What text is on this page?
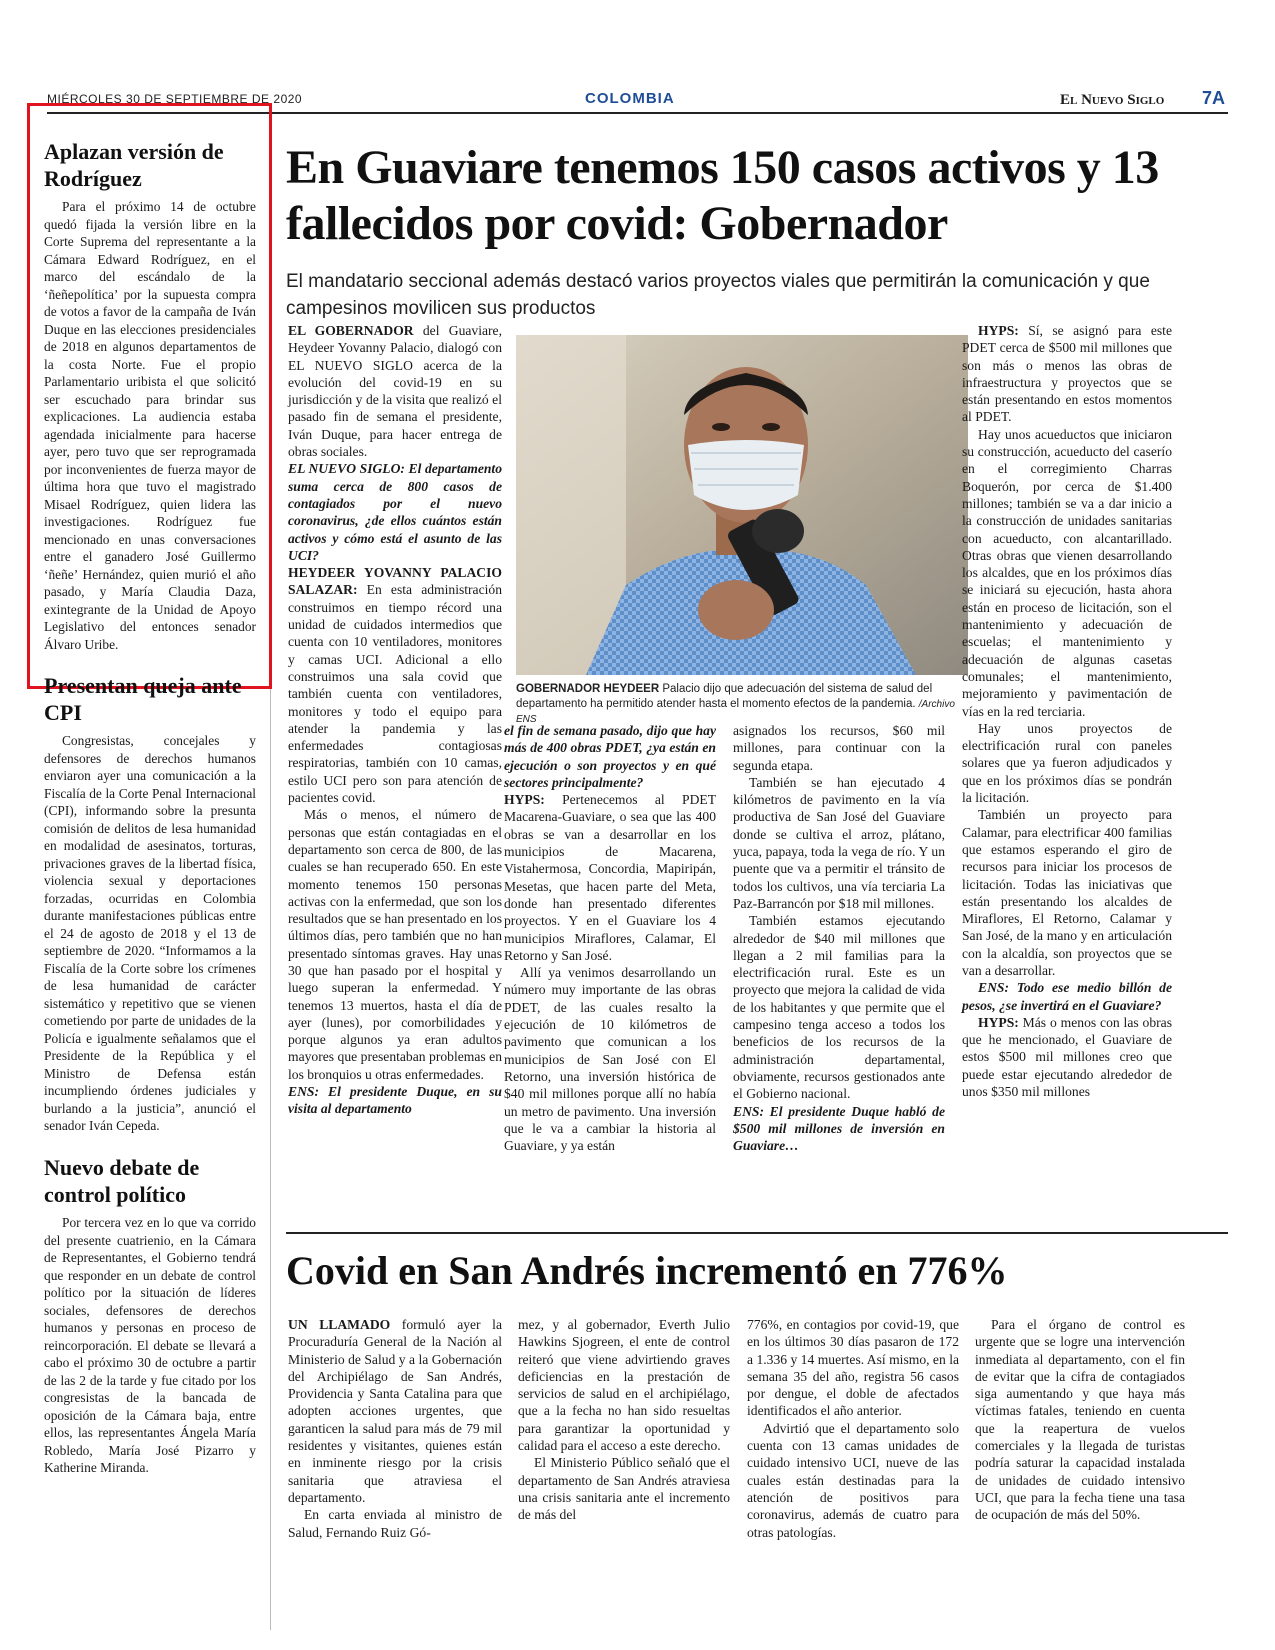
MIÉRCOLES 30 DE SEPTIEMBRE DE 2020	COLOMBIA	El Nuevo Siglo 7A
Aplazan versión de Rodríguez

Para el próximo 14 de octubre quedó fijada la versión libre en la Corte Suprema del representante a la Cámara Edward Rodríguez, en el marco del escándalo de la ‘ñeñepolítica’ por la supuesta compra de votos a favor de la campaña de Iván Duque en las elecciones presidenciales de 2018 en algunos departamentos de la costa Norte. Fue el propio Parlamentario uribista el que solicitó ser escuchado para brindar sus explicaciones. La audiencia estaba agendada inicialmente para hacerse ayer, pero tuvo que ser reprogramada por inconvenientes de fuerza mayor de última hora que tuvo el magistrado Misael Rodríguez, quien lidera las investigaciones. Rodríguez fue mencionado en unas conversaciones entre el ganadero José Guillermo ‘ñeñe’ Hernández, quien murió el año pasado, y María Claudia Daza, exintegrante de la Unidad de Apoyo Legislativo del entonces senador Álvaro Uribe.

Presentan queja ante CPI

Congresistas, concejales y defensores de derechos humanos enviaron ayer una comunicación a la Fiscalía de la Corte Penal Internacional (CPI), informando sobre la presunta comisión de delitos de lesa humanidad en modalidad de asesinatos, torturas, privaciones graves de la libertad física, violencia sexual y deportaciones forzadas, ocurridas en Colombia durante manifestaciones públicas entre el 24 de agosto de 2018 y el 13 de septiembre de 2020. “Informamos a la Fiscalía de la Corte sobre los crímenes de lesa humanidad de carácter sistemático y repetitivo que se vienen cometiendo por parte de unidades de la Policía e igualmente señalamos que el Presidente de la República y el Ministro de Defensa están incumpliendo órdenes judiciales y burlando a la justicia”, anunció el senador Iván Cepeda.

Nuevo debate de control político

Por tercera vez en lo que va corrido del presente cuatrienio, en la Cámara de Representantes, el Gobierno tendrá que responder en un debate de control político por la situación de líderes sociales, defensores de derechos humanos y personas en proceso de reincorporación. El debate se llevará a cabo el próximo 30 de octubre a partir de las 2 de la tarde y fue citado por los congresistas de la bancada de oposición de la Cámara baja, entre ellos, las representantes Ángela María Robledo, María José Pizarro y Katherine Miranda.

En Guaviare tenemos 150 casos activos y 13 fallecidos por covid: Gobernador
El mandatario seccional además destacó varios proyectos viales que permitirán la comunicación y que campesinos movilicen sus productos

EL GOBERNADOR del Guaviare, Heydeer Yovanny Palacio, dialogó con EL NUEVO SIGLO acerca de la evolución del covid-19 en su jurisdicción y de la visita que realizó el pasado fin de semana el presidente, Iván Duque, para hacer entrega de obras sociales.

EL NUEVO SIGLO: El departamento suma cerca de 800 casos de contagiados por el nuevo coronavirus, ¿de ellos cuántos están activos y cómo está el asunto de las UCI?

HEYDEER YOVANNY PALACIO SALAZAR: En esta administración construimos en tiempo récord una unidad de cuidados intermedios que cuenta con 10 ventiladores, monitores y camas UCI. Adicional a ello construimos una sala covid que también cuenta con ventiladores, monitores y todo el equipo para atender la pandemia y las enfermedades contagiosas respiratorias, también con 10 camas, estilo UCI pero son para atención de pacientes covid.

Más o menos, el número de personas que están contagiadas en el departamento son cerca de 800, de las cuales se han recuperado 650. En este momento tenemos 150 personas activas con la enfermedad, que son los resultados que se han presentado en los últimos días, pero también que no han presentado síntomas graves. Hay unas 30 que han pasado por el hospital y luego superan la enfermedad. Y tenemos 13 muertos, hasta el día de ayer (lunes), por comorbilidades y porque algunos ya eran adultos mayores que presentaban problemas en los bronquios u otras enfermedades.

ENS: El presidente Duque, en su visita al departamento

GOBERNADOR HEYDEER Palacio dijo que adecuación del sistema de salud del departamento ha permitido atender hasta el momento efectos de la pandemia. /Archivo ENS

el fin de semana pasado, dijo que hay más de 400 obras PDET, ¿ya están en ejecución o son proyectos y en qué sectores principalmente?

HYPS: Pertenecemos al PDET Macarena-Guaviare, o sea que las 400 obras se van a desarrollar en los municipios de Macarena, Vistahermosa, Concordia, Mapiripán, Mesetas, que hacen parte del Meta, donde han presentado diferentes proyectos. Y en el Guaviare los 4 municipios Miraflores, Calamar, El Retorno y San José.

Allí ya venimos desarrollando un número muy importante de las obras PDET, de las cuales resalto la ejecución de 10 kilómetros de pavimento que comunican a los municipios de San José con El Retorno, una inversión histórica de $40 mil millones porque allí no había un metro de pavimento. Una inversión que le va a cambiar la historia al Guaviare, y ya están

asignados los recursos, $60 mil millones, para continuar con la segunda etapa.

También se han ejecutado 4 kilómetros de pavimento en la vía productiva de San José del Guaviare donde se cultiva el arroz, plátano, yuca, papaya, toda la vega de río. Y un puente que va a permitir el tránsito de todos los cultivos, una vía terciaria La Paz-Barrancón por $18 mil millones.

También estamos ejecutando alrededor de $40 mil millones que llegan a 2 mil familias para la electrificación rural. Este es un proyecto que mejora la calidad de vida de los habitantes y que permite que el campesino tenga acceso a todos los beneficios de los recursos de la administración departamental, obviamente, recursos gestionados ante el Gobierno nacional.

ENS: El presidente Duque habló de $500 mil millones de inversión en Guaviare…

HYPS: Sí, se asignó para este PDET cerca de $500 mil millones que son más o menos las obras de infraestructura y proyectos que se están presentando en estos momentos al PDET.

Hay unos acueductos que iniciaron su construcción, acueducto del caserío en el corregimiento Charras Boquerón, por cerca de $1.400 millones; también se va a dar inicio a la construcción de unidades sanitarias con acueducto, con alcantarillado. Otras obras que vienen desarrollando los alcaldes, que en los próximos días se iniciará su ejecución, hasta ahora están en proceso de licitación, son el mantenimiento y adecuación de escuelas; el mantenimiento y adecuación de algunas casetas comunales; el mantenimiento, mejoramiento y pavimentación de vías en la red terciaria.

Hay unos proyectos de electrificación rural con paneles solares que ya fueron adjudicados y que en los próximos días se pondrán la licitación.

También un proyecto para Calamar, para electrificar 400 familias que estamos esperando el giro de recursos para iniciar los procesos de licitación. Todas las iniciativas que están presentando los alcaldes de Miraflores, El Retorno, Calamar y San José, de la mano y en articulación con la alcaldía, son proyectos que se van a desarrollar.

ENS: Todo ese medio billón de pesos, ¿se invertirá en el Guaviare?

HYPS: Más o menos con las obras que he mencionado, el Guaviare de estos $500 mil millones creo que puede estar ejecutando alrededor de unos $350 mil millones

Covid en San Andrés incrementó en 776%

UN LLAMADO formuló ayer la Procuraduría General de la Nación al Ministerio de Salud y a la Gobernación del Archipiélago de San Andrés, Providencia y Santa Catalina para que adopten acciones urgentes, que garanticen la salud para más de 79 mil residentes y visitantes, quienes están en inminente riesgo por la crisis sanitaria que atraviesa el departamento.

En carta enviada al ministro de Salud, Fernando Ruiz Gó-

mez, y al gobernador, Everth Julio Hawkins Sjogreen, el ente de control reiteró que viene advirtiendo graves deficiencias en la prestación de servicios de salud en el archipiélago, que a la fecha no han sido resueltas para garantizar la oportunidad y calidad para el acceso a este derecho.

El Ministerio Público señaló que el departamento de San Andrés atraviesa una crisis sanitaria ante el incremento de más del

776%, en contagios por covid-19, que en los últimos 30 días pasaron de 172 a 1.336 y 14 muertes. Así mismo, en la semana 35 del año, registra 56 casos por dengue, el doble de afectados identificados el año anterior.

Advirtió que el departamento solo cuenta con 13 camas unidades de cuidado intensivo UCI, nueve de las cuales están destinadas para la atención de positivos para coronavirus, además de cuatro para otras patologías.

Para el órgano de control es urgente que se logre una intervención inmediata al departamento, con el fin de evitar que la cifra de contagiados siga aumentando y que haya más víctimas fatales, teniendo en cuenta que la reapertura de vuelos comerciales y la llegada de turistas podría saturar la capacidad instalada de unidades de cuidado intensivo UCI, que para la fecha tiene una tasa de ocupación de más del 50%.
